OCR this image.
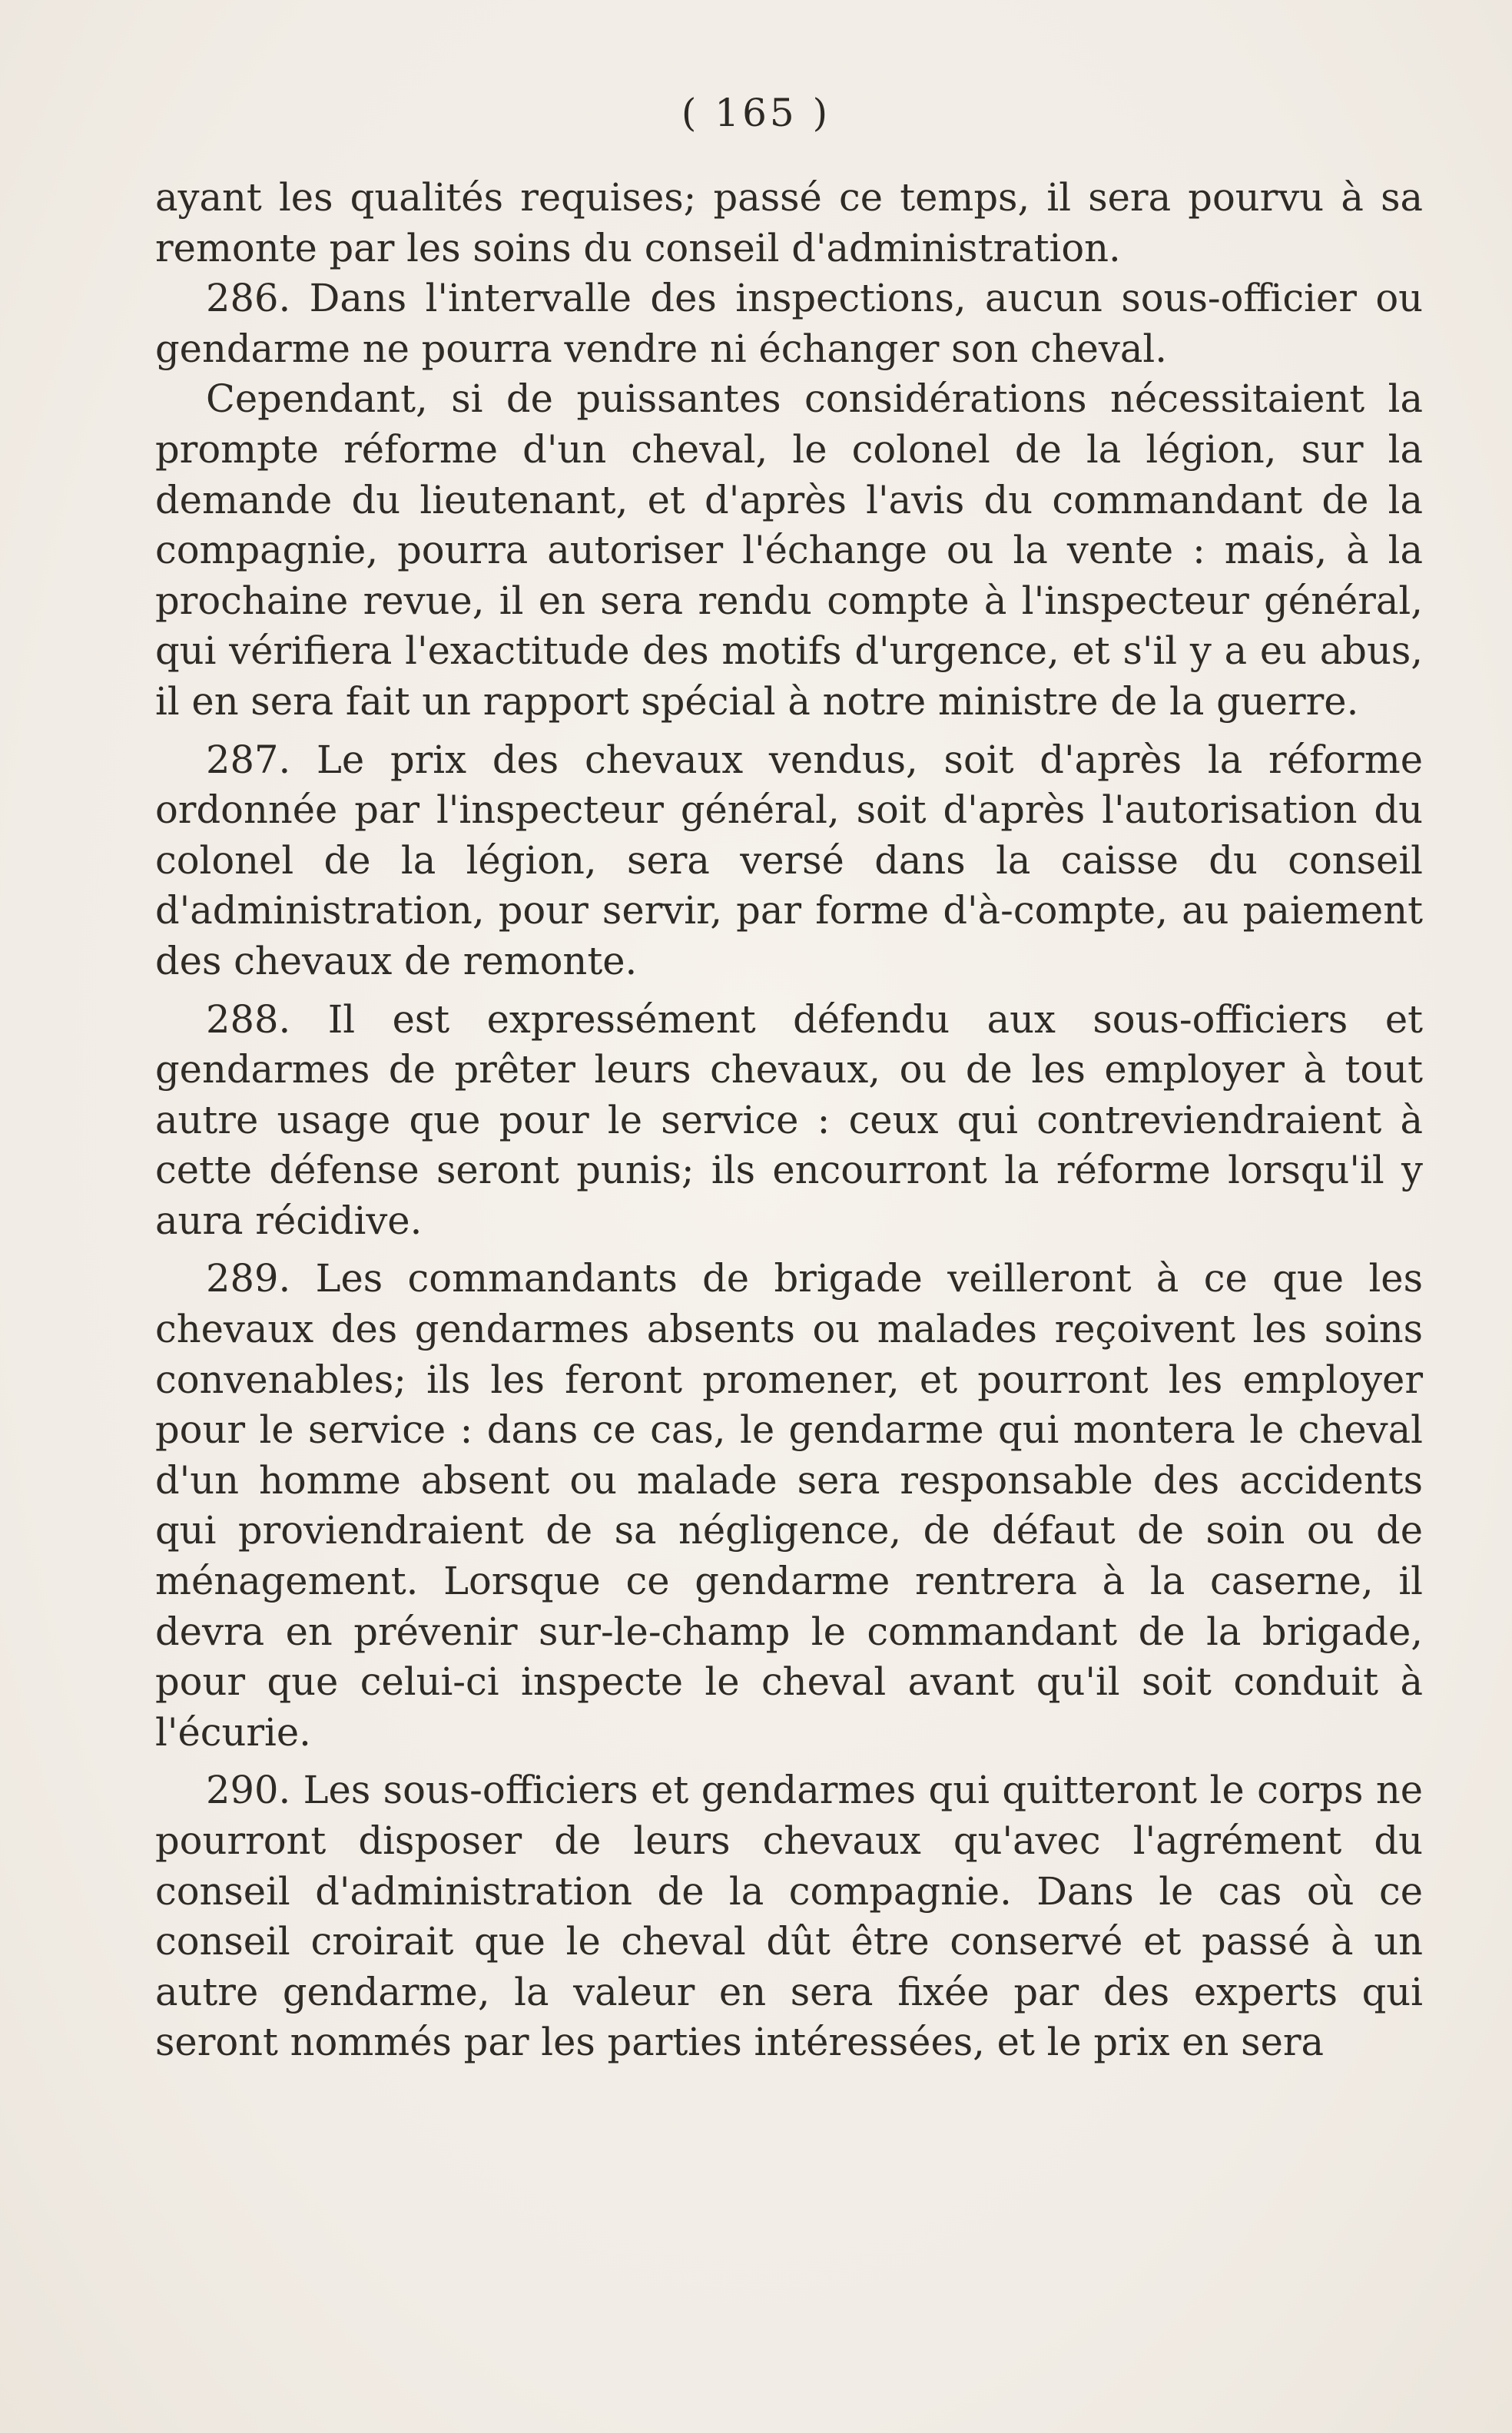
( 165 )

ayant les qualités requises; passé ce temps, il sera pourvu à sa remonte par les soins du conseil d'administration.

286. Dans l'intervalle des inspections, aucun sous-officier ou gendarme ne pourra vendre ni échanger son cheval.

Cependant, si de puissantes considérations nécessitaient la prompte réforme d'un cheval, le colonel de la légion, sur la demande du lieutenant, et d'après l'avis du commandant de la compagnie, pourra autoriser l'échange ou la vente : mais, à la prochaine revue, il en sera rendu compte à l'inspecteur général, qui vérifiera l'exactitude des motifs d'urgence, et s'il y a eu abus, il en sera fait un rapport spécial à notre ministre de la guerre.

287. Le prix des chevaux vendus, soit d'après la réforme ordonnée par l'inspecteur général, soit d'après l'autorisation du colonel de la légion, sera versé dans la caisse du conseil d'administration, pour servir, par forme d'à-compte, au paiement des chevaux de remonte.

288. Il est expressément défendu aux sous-officiers et gendarmes de prêter leurs chevaux, ou de les employer à tout autre usage que pour le service : ceux qui contreviendraient à cette défense seront punis; ils encourront la réforme lorsqu'il y aura récidive.

289. Les commandants de brigade veilleront à ce que les chevaux des gendarmes absents ou malades reçoivent les soins convenables; ils les feront promener, et pourront les employer pour le service : dans ce cas, le gendarme qui montera le cheval d'un homme absent ou malade sera responsable des accidents qui proviendraient de sa négligence, de défaut de soin ou de ménagement. Lorsque ce gendarme rentrera à la caserne, il devra en prévenir sur-le-champ le commandant de la brigade, pour que celui-ci inspecte le cheval avant qu'il soit conduit à l'écurie.

290. Les sous-officiers et gendarmes qui quitteront le corps ne pourront disposer de leurs chevaux qu'avec l'agrément du conseil d'administration de la compagnie. Dans le cas où ce conseil croirait que le cheval dût être conservé et passé à un autre gendarme, la valeur en sera fixée par des experts qui seront nommés par les parties intéressées, et le prix en sera
